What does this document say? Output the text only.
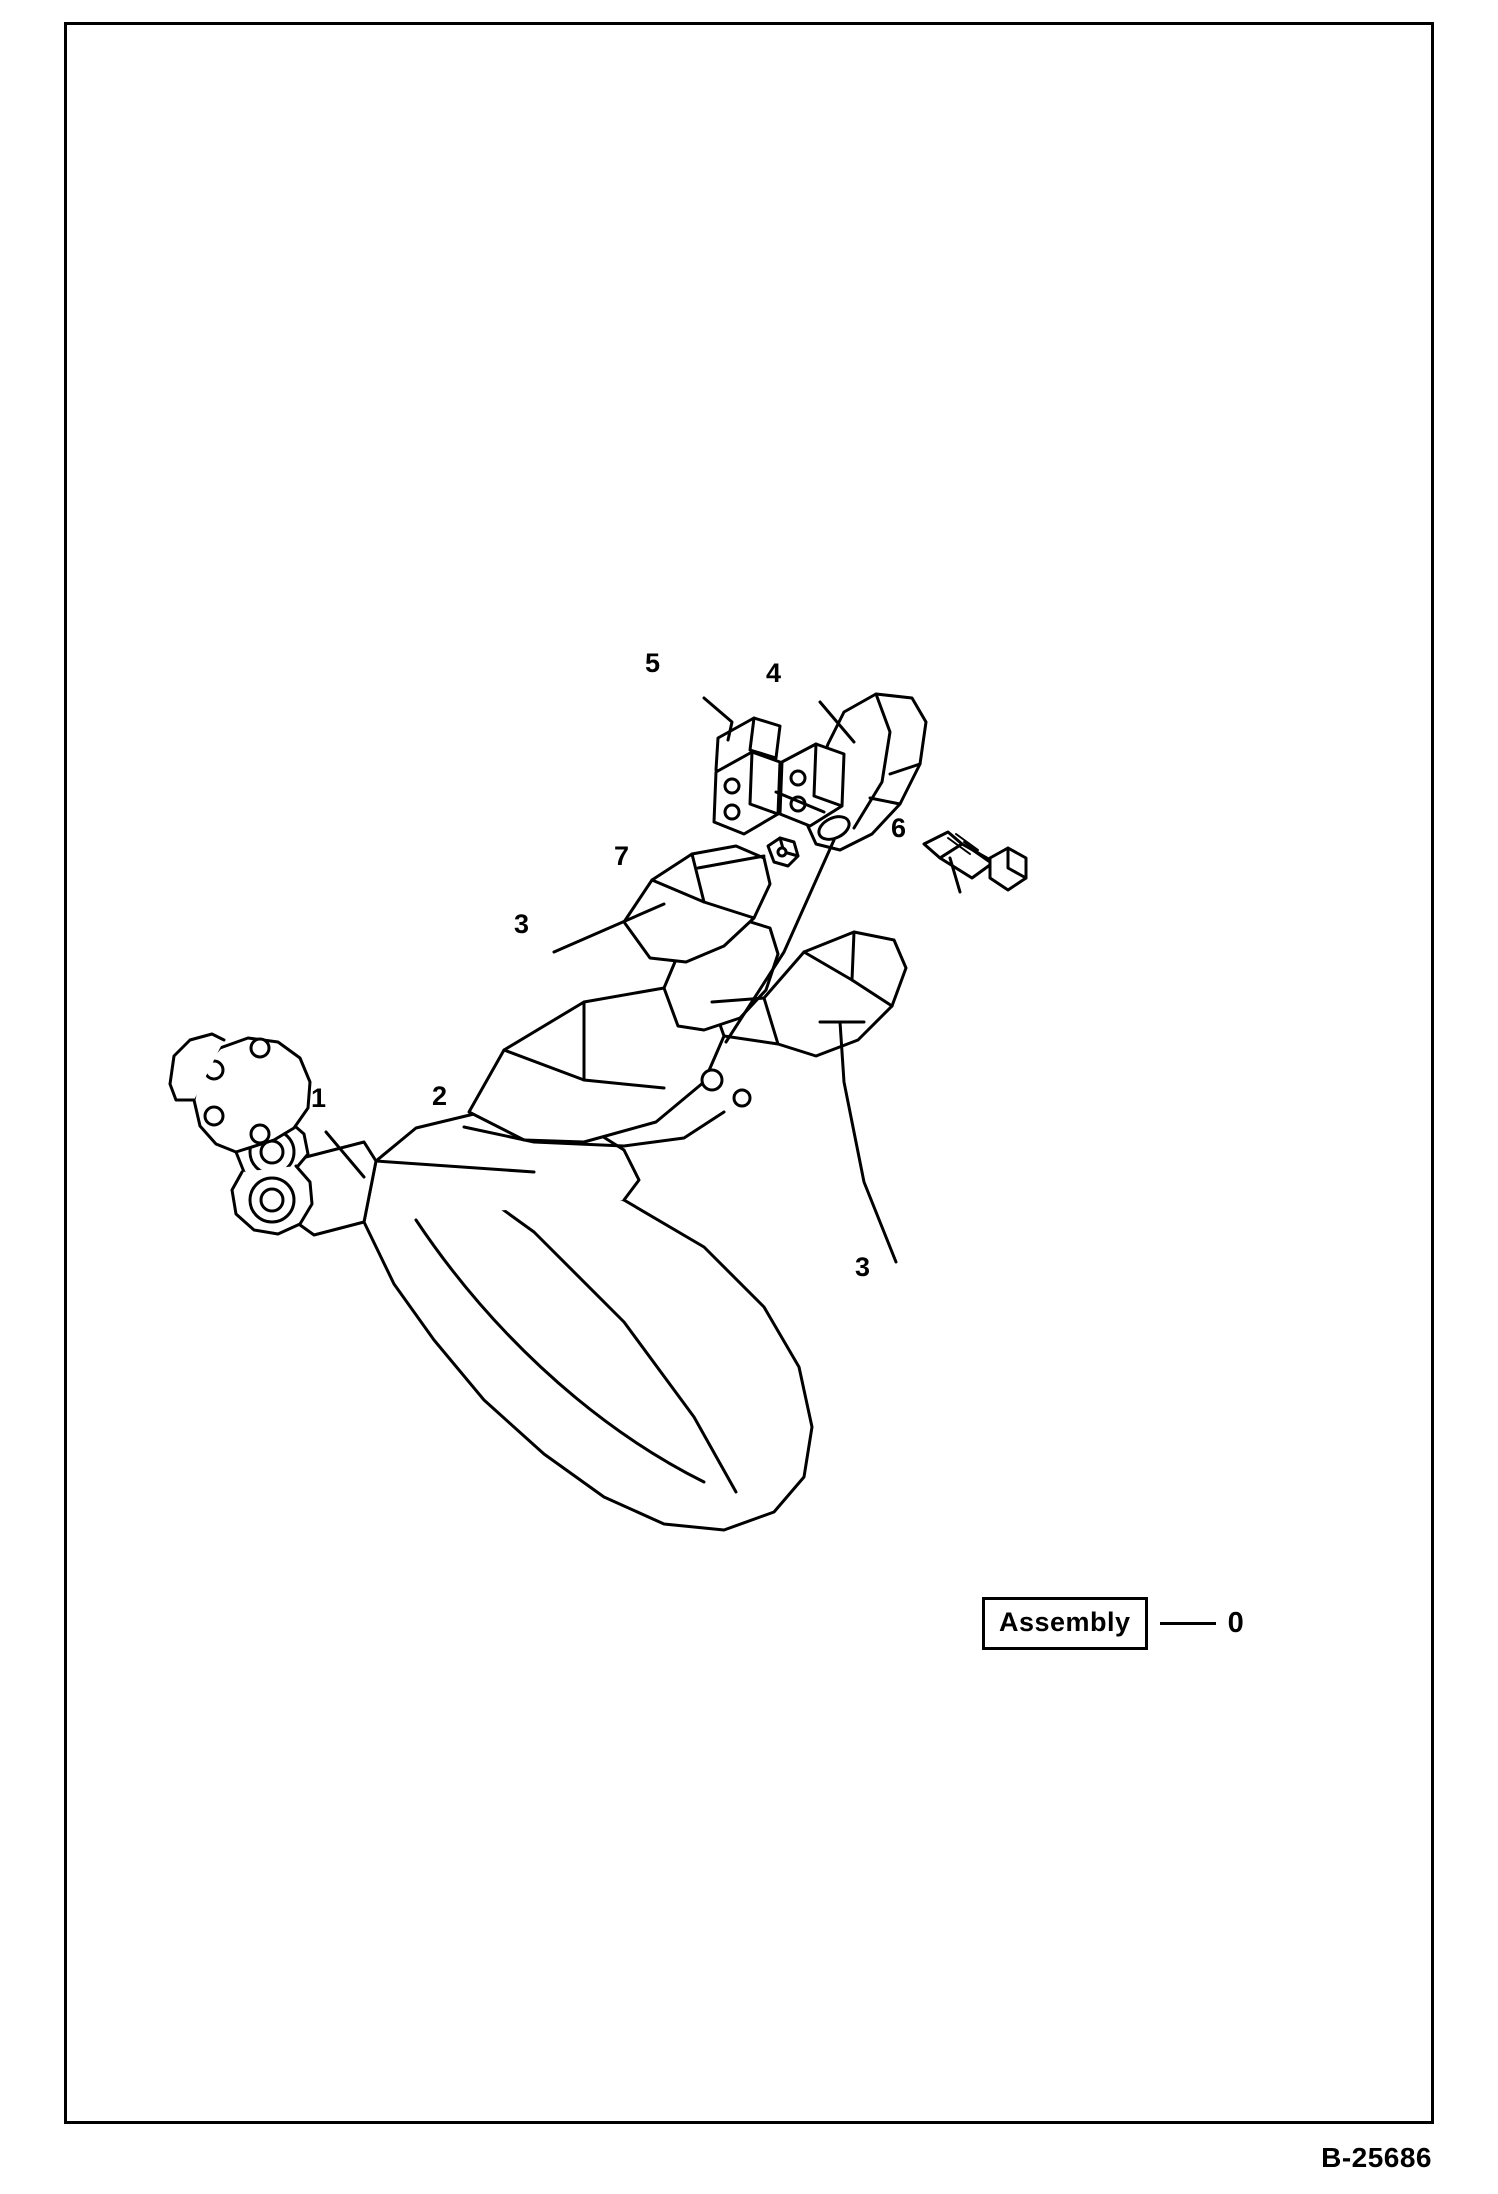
1	2
3
3
4
5
6
7
Assembly	0
B-25686
